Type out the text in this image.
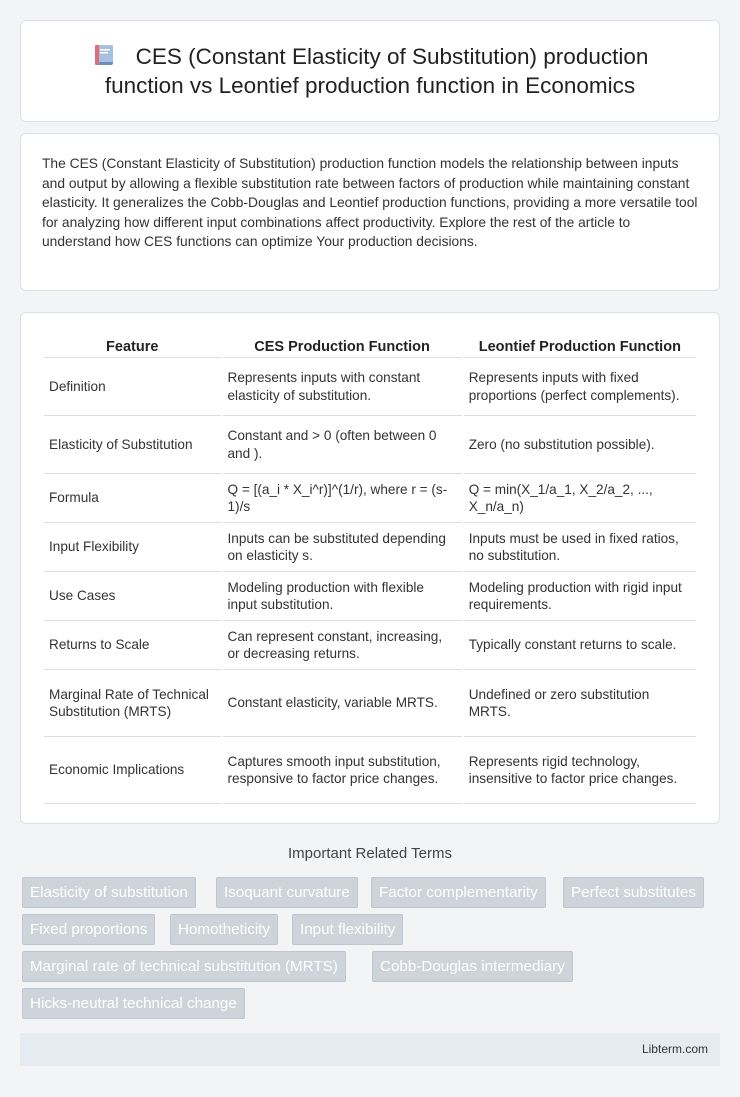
CES (Constant Elasticity of Substitution) production function vs Leontief production function in Economics

The CES (Constant Elasticity of Substitution) production function models the relationship between inputs and output by allowing a flexible substitution rate between factors of production while maintaining constant elasticity. It generalizes the Cobb-Douglas and Leontief production functions, providing a more versatile tool for analyzing how different input combinations affect productivity. Explore the rest of the article to understand how CES functions can optimize Your production decisions.

Feature	CES Production Function	Leontief Production Function
Definition	Represents inputs with constant elasticity of substitution.	Represents inputs with fixed proportions (perfect complements).
Elasticity of Substitution	Constant and > 0 (often between 0 and ).	Zero (no substitution possible).
Formula	Q = [(a_i * X_i^r)]^(1/r), where r = (s-1)/s	Q = min(X_1/a_1, X_2/a_2, ..., X_n/a_n)
Input Flexibility	Inputs can be substituted depending on elasticity s.	Inputs must be used in fixed ratios, no substitution.
Use Cases	Modeling production with flexible input substitution.	Modeling production with rigid input requirements.
Returns to Scale	Can represent constant, increasing, or decreasing returns.	Typically constant returns to scale.
Marginal Rate of Technical Substitution (MRTS)	Constant elasticity, variable MRTS.	Undefined or zero substitution MRTS.
Economic Implications	Captures smooth input substitution, responsive to factor price changes.	Represents rigid technology, insensitive to factor price changes.
Important Related Terms
Elasticity of substitution	Isoquant curvature	Factor complementarity	Perfect substitutes
Fixed proportions	Homotheticity	Input flexibility
Marginal rate of technical substitution (MRTS)	Cobb-Douglas intermediary
Hicks-neutral technical change
Libterm.com
